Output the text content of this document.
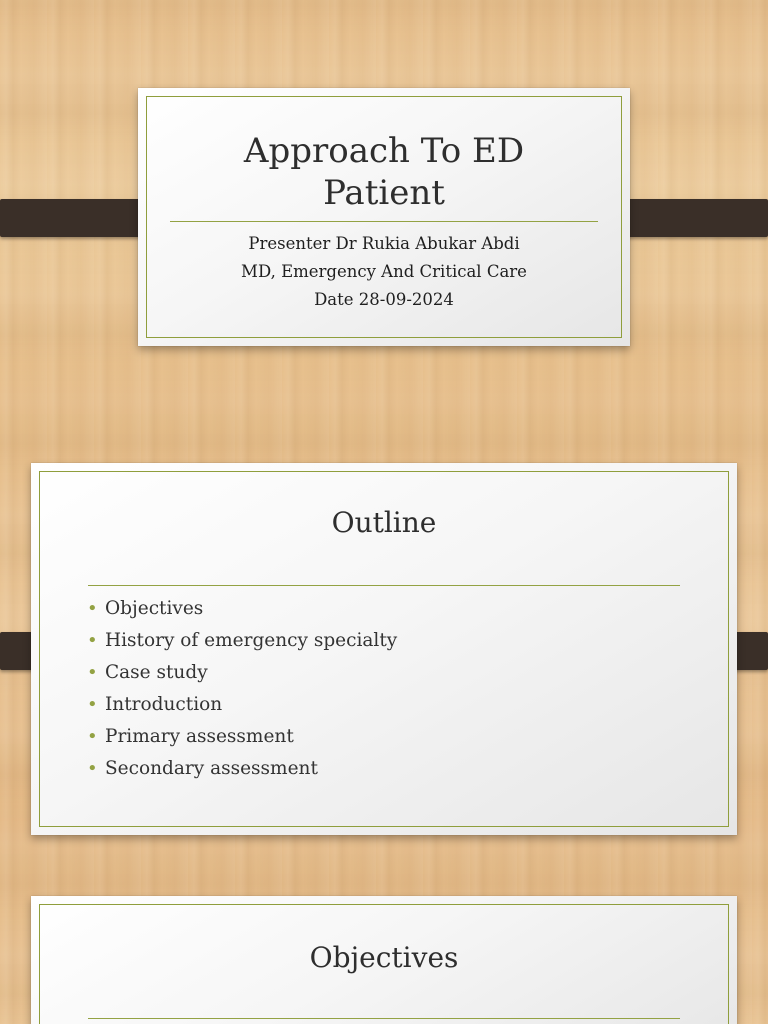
Approach To ED
Patient
Presenter Dr Rukia Abukar Abdi
MD, Emergency And Critical Care
Date 28-09-2024
Outline
• Objectives
• History of emergency specialty
• Case study
• Introduction
• Primary assessment
• Secondary assessment
Objectives
